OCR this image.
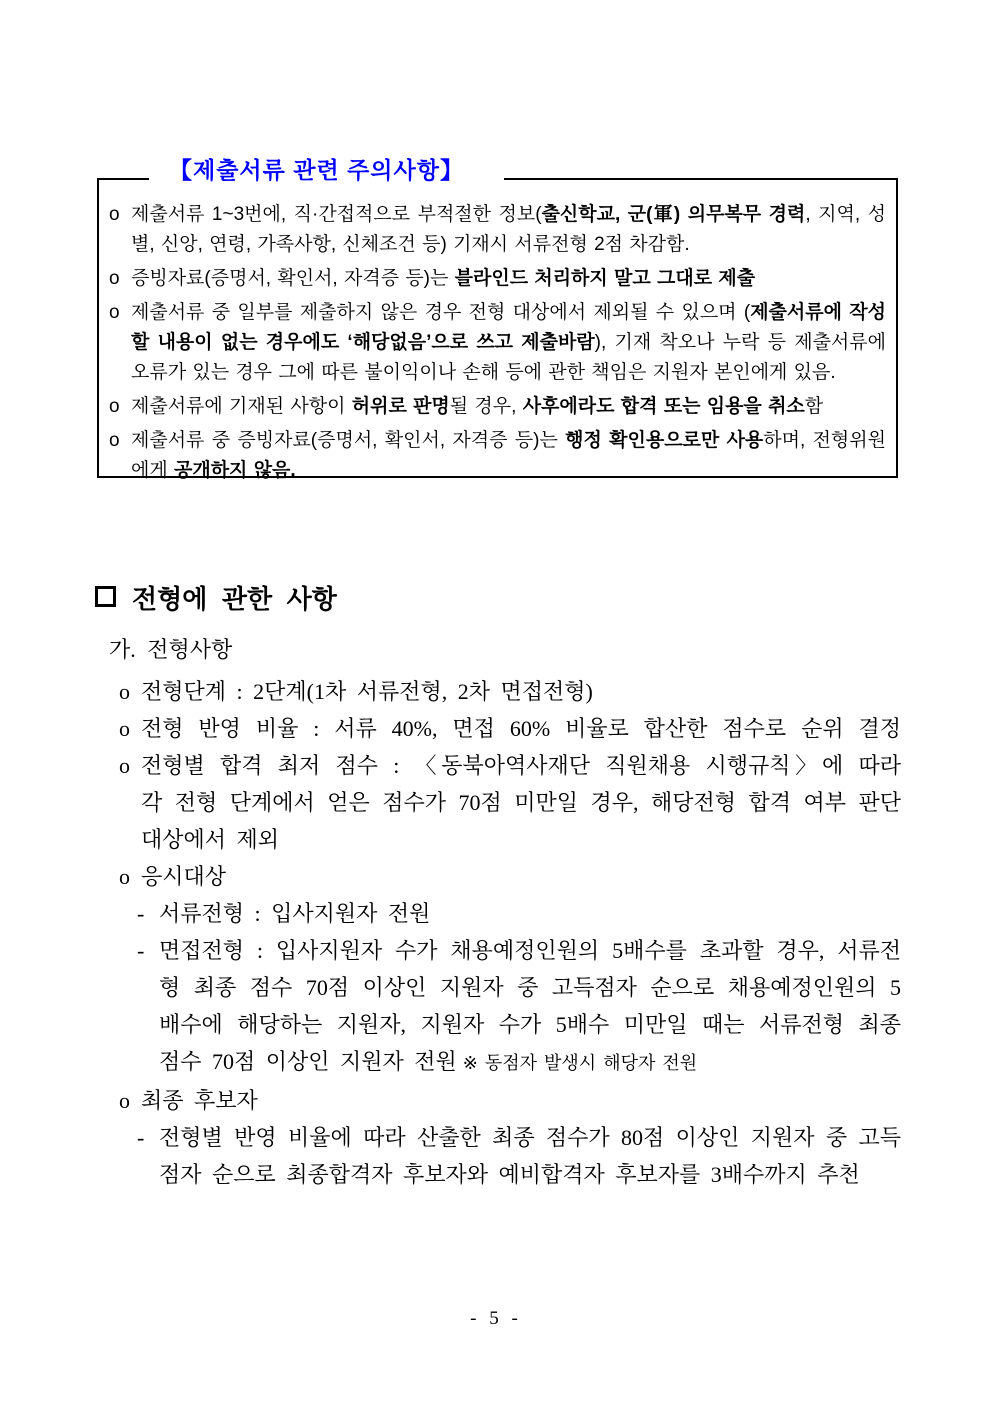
【제출서류 관련 주의사항】
o 제출서류 1~3번에, 직·간접적으로 부적절한 정보(출신학교, 군(軍) 의무복무 경력, 지역, 성별, 신앙, 연령, 가족사항, 신체조건 등) 기재시 서류전형 2점 차감함.
o 증빙자료(증명서, 확인서, 자격증 등)는 블라인드 처리하지 말고 그대로 제출
o 제출서류 중 일부를 제출하지 않은 경우 전형 대상에서 제외될 수 있으며 (제출서류에 작성할 내용이 없는 경우에도 ‘해당없음’으로 쓰고 제출바람), 기재 착오나 누락 등 제출서류에 오류가 있는 경우 그에 따른 불이익이나 손해 등에 관한 책임은 지원자 본인에게 있음.
o 제출서류에 기재된 사항이 허위로 판명될 경우, 사후에라도 합격 또는 임용을 취소함
o 제출서류 중 증빙자료(증명서, 확인서, 자격증 등)는 행정 확인용으로만 사용하며, 전형위원에게 공개하지 않음.
전형에 관한 사항
가. 전형사항
o 전형단계 : 2단계(1차 서류전형, 2차 면접전형)
o 전형 반영 비율 : 서류 40%, 면접 60% 비율로 합산한 점수로 순위 결정
o 전형별 합격 최저 점수 : 〈동북아역사재단 직원채용 시행규칙〉에 따라
각 전형 단계에서 얻은 점수가 70점 미만일 경우, 해당전형 합격 여부 판단
대상에서 제외
o 응시대상
- 서류전형 : 입사지원자 전원
- 면접전형 : 입사지원자 수가 채용예정인원의 5배수를 초과할 경우, 서류전
형 최종 점수 70점 이상인 지원자 중 고득점자 순으로 채용예정인원의 5
배수에 해당하는 지원자, 지원자 수가 5배수 미만일 때는 서류전형 최종
점수 70점 이상인 지원자 전원 ※ 동점자 발생시 해당자 전원
o 최종 후보자
- 전형별 반영 비율에 따라 산출한 최종 점수가 80점 이상인 지원자 중 고득
점자 순으로 최종합격자 후보자와 예비합격자 후보자를 3배수까지 추천
- 5 -
